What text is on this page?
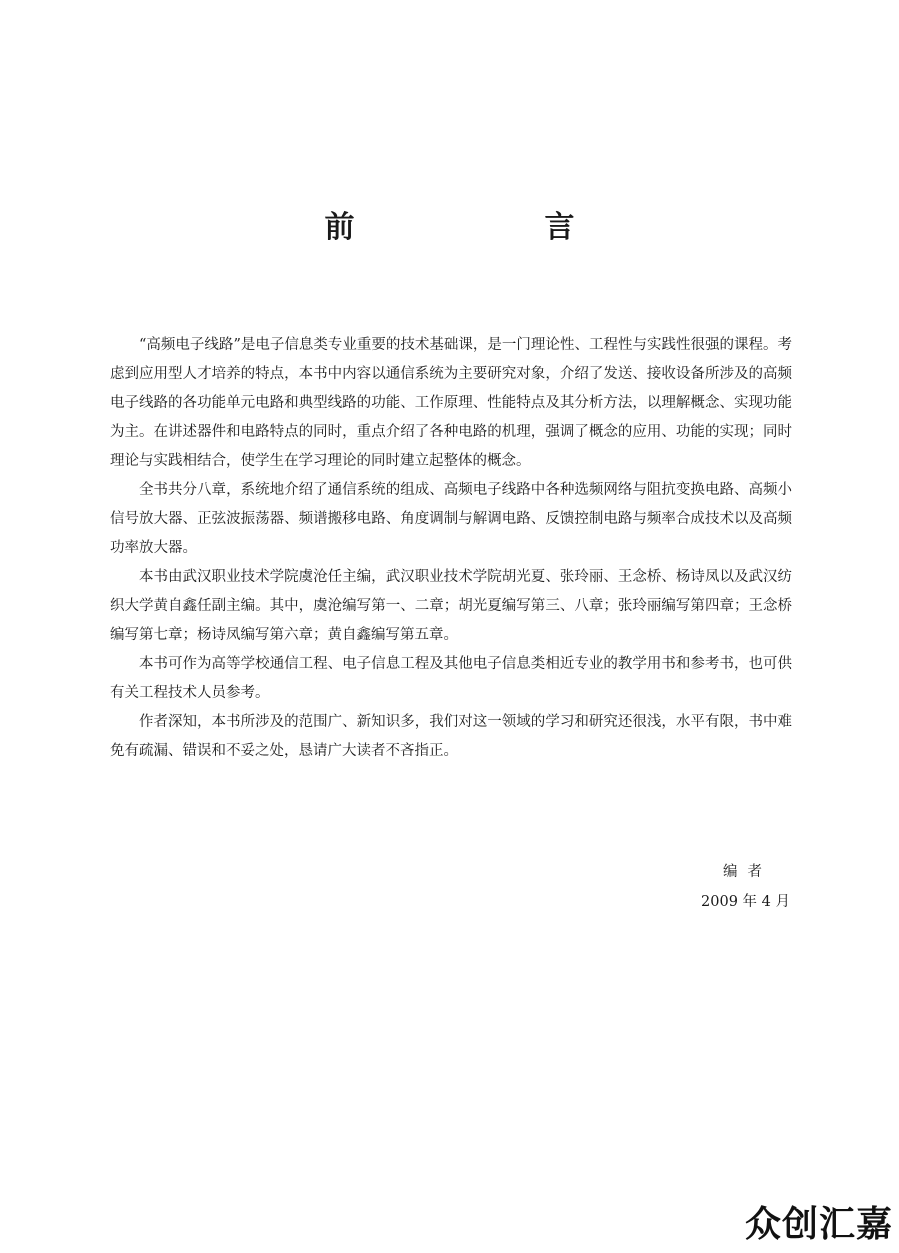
前　言

“高频电子线路”是电子信息类专业重要的技术基础课，是一门理论性、工程性与实践性很强的课程。考虑到应用型人才培养的特点，本书中内容以通信系统为主要研究对象，介绍了发送、接收设备所涉及的高频电子线路的各功能单元电路和典型线路的功能、工作原理、性能特点及其分析方法，以理解概念、实现功能为主。在讲述器件和电路特点的同时，重点介绍了各种电路的机理，强调了概念的应用、功能的实现；同时理论与实践相结合，使学生在学习理论的同时建立起整体的概念。

全书共分八章，系统地介绍了通信系统的组成、高频电子线路中各种选频网络与阻抗变换电路、高频小信号放大器、正弦波振荡器、频谱搬移电路、角度调制与解调电路、反馈控制电路与频率合成技术以及高频功率放大器。

本书由武汉职业技术学院虞沧任主编，武汉职业技术学院胡光夏、张玲丽、王念桥、杨诗凤以及武汉纺织大学黄自鑫任副主编。其中，虞沧编写第一、二章；胡光夏编写第三、八章；张玲丽编写第四章；王念桥编写第七章；杨诗凤编写第六章；黄自鑫编写第五章。

本书可作为高等学校通信工程、电子信息工程及其他电子信息类相近专业的教学用书和参考书，也可供有关工程技术人员参考。

作者深知，本书所涉及的范围广、新知识多，我们对这一领域的学习和研究还很浅，水平有限，书中难免有疏漏、错误和不妥之处，恳请广大读者不吝指正。

编者
2009 年 4 月
众创汇嘉
